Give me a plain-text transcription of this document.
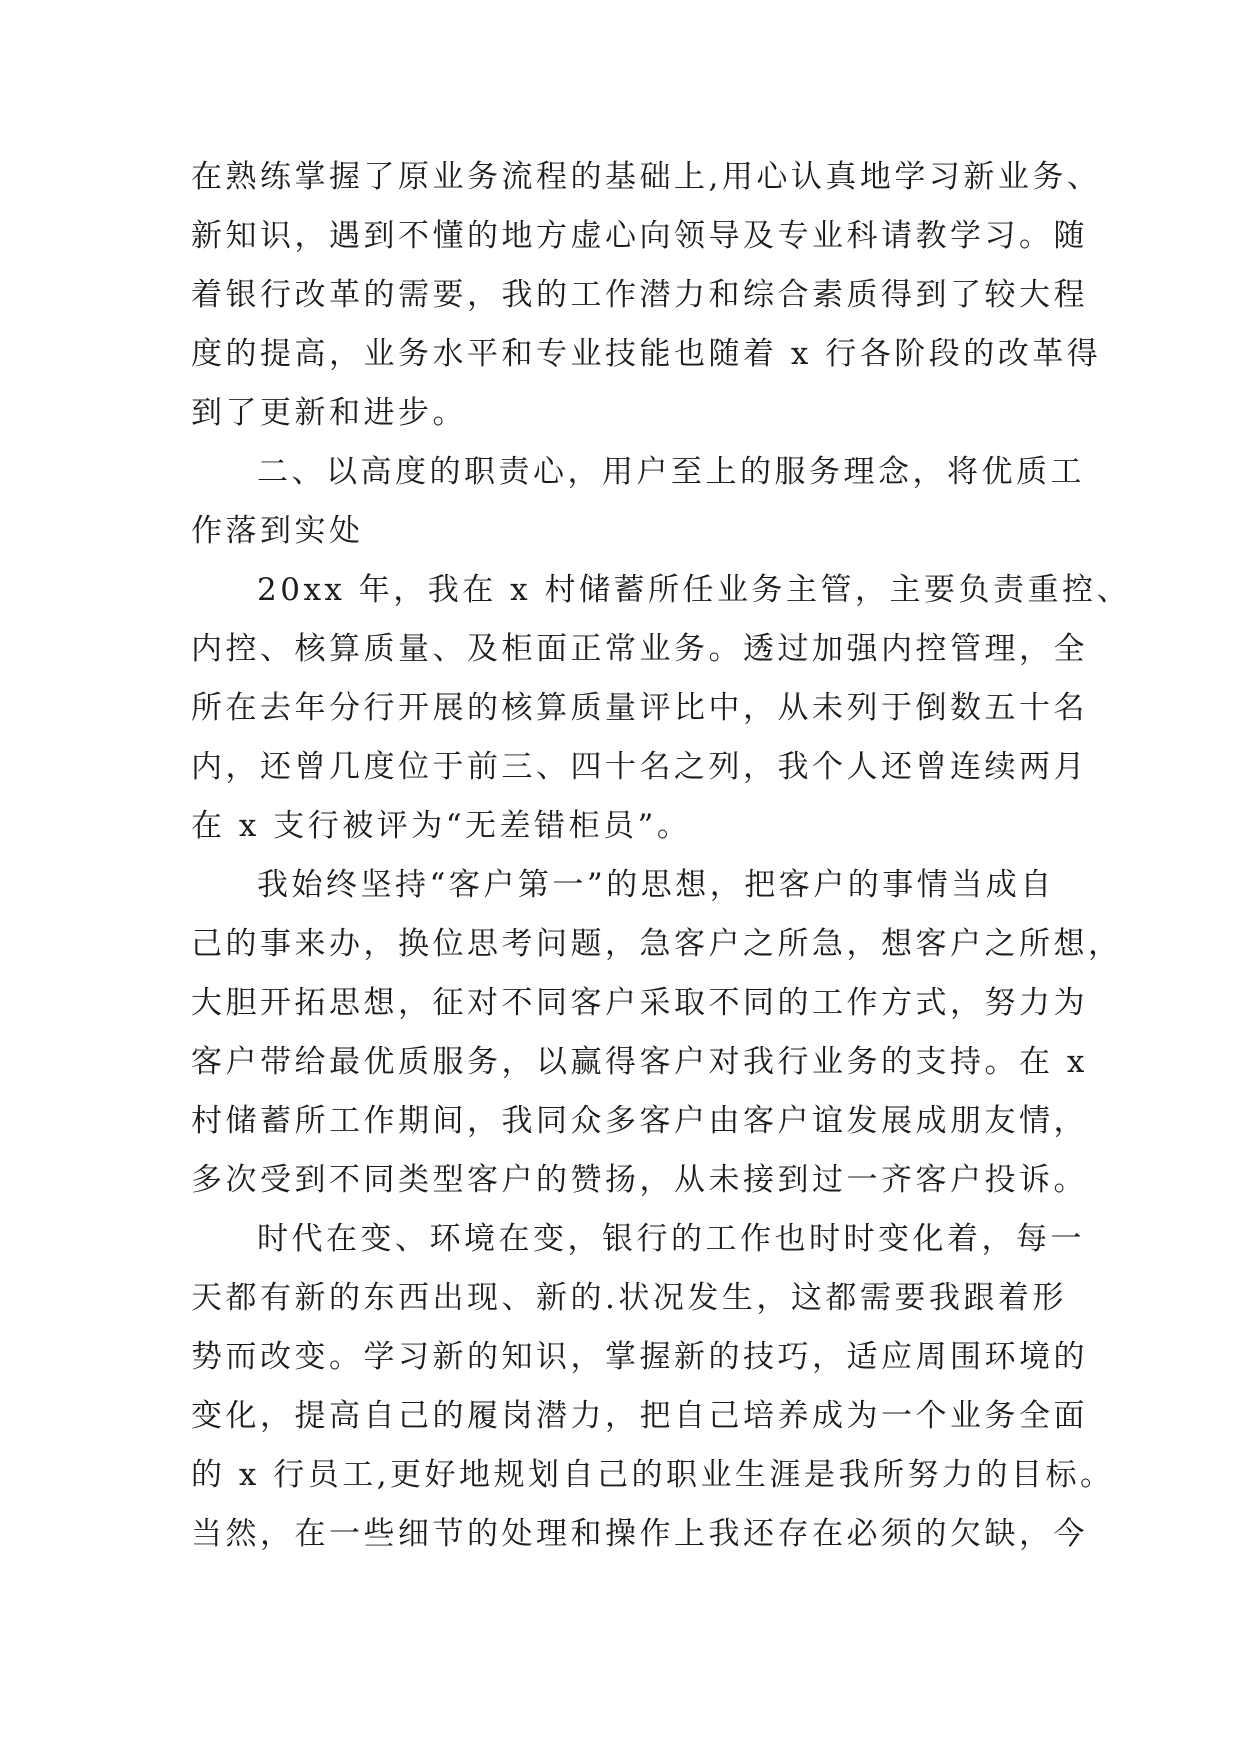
在熟练掌握了原业务流程的基础上,用心认真地学习新业务、
新知识，遇到不懂的地方虚心向领导及专业科请教学习。随
着银行改革的需要，我的工作潜力和综合素质得到了较大程
度的提高，业务水平和专业技能也随着 x 行各阶段的改革得
到了更新和进步。
二、以高度的职责心，用户至上的服务理念，将优质工
作落到实处
20xx 年，我在 x 村储蓄所任业务主管，主要负责重控、
内控、核算质量、及柜面正常业务。透过加强内控管理，全
所在去年分行开展的核算质量评比中，从未列于倒数五十名
内，还曾几度位于前三、四十名之列，我个人还曾连续两月
在 x 支行被评为“无差错柜员”。
我始终坚持“客户第一”的思想，把客户的事情当成自
己的事来办，换位思考问题，急客户之所急，想客户之所想，
大胆开拓思想，征对不同客户采取不同的工作方式，努力为
客户带给最优质服务，以赢得客户对我行业务的支持。在 x
村储蓄所工作期间，我同众多客户由客户谊发展成朋友情，
多次受到不同类型客户的赞扬，从未接到过一齐客户投诉。
时代在变、环境在变，银行的工作也时时变化着，每一
天都有新的东西出现、新的.状况发生，这都需要我跟着形
势而改变。学习新的知识，掌握新的技巧，适应周围环境的
变化，提高自己的履岗潜力，把自己培养成为一个业务全面
的 x 行员工,更好地规划自己的职业生涯是我所努力的目标。
当然，在一些细节的处理和操作上我还存在必须的欠缺，今
